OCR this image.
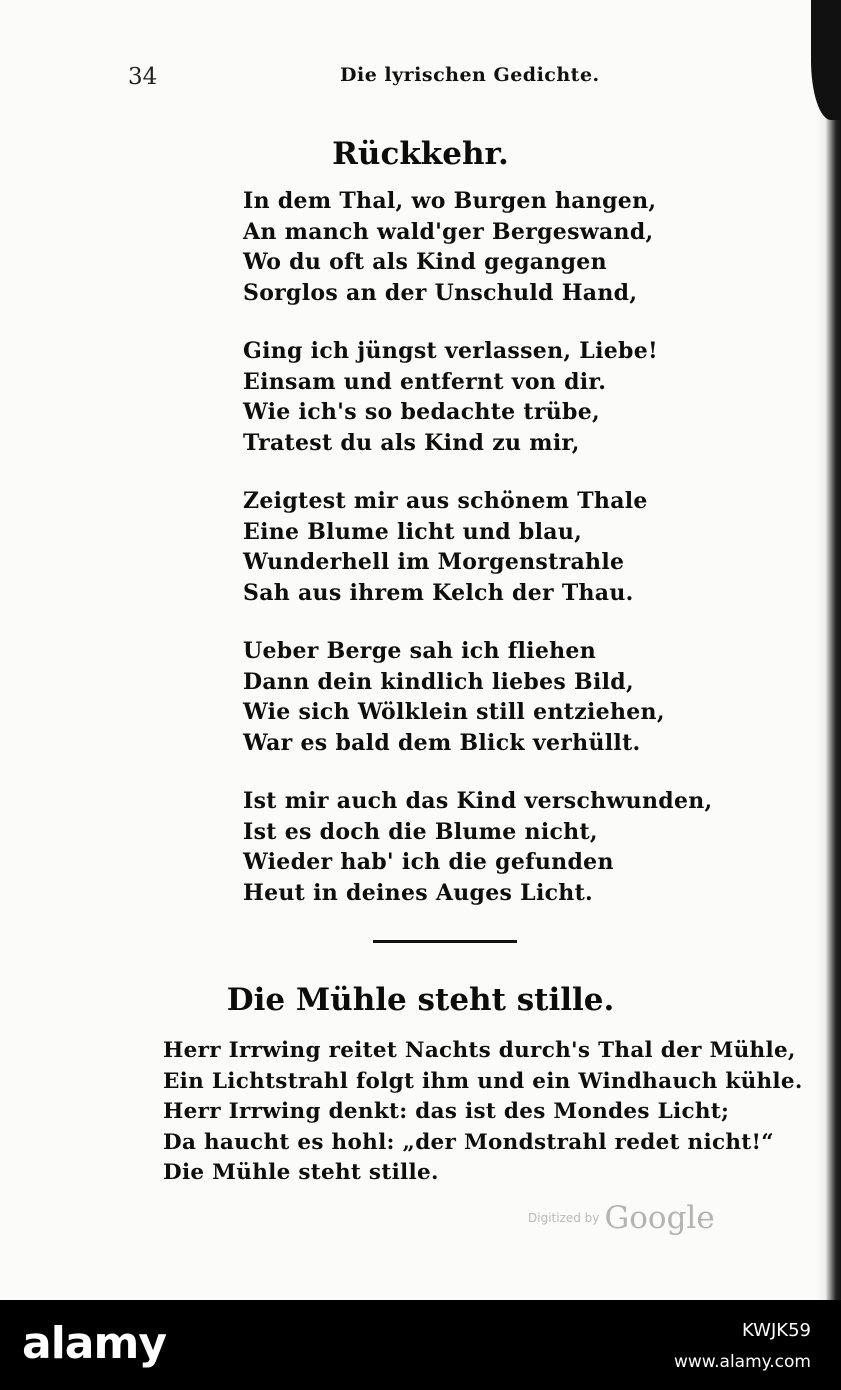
34	Die lyrischen Gedichte.
Rückkehr.
In dem Thal, wo Burgen hangen,
An manch wald'ger Bergeswand,
Wo du oft als Kind gegangen
Sorglos an der Unschuld Hand,
Ging ich jüngst verlassen, Liebe!
Einsam und entfernt von dir.
Wie ich's so bedachte trübe,
Tratest du als Kind zu mir,
Zeigtest mir aus schönem Thale
Eine Blume licht und blau,
Wunderhell im Morgenstrahle
Sah aus ihrem Kelch der Thau.
Ueber Berge sah ich fliehen
Dann dein kindlich liebes Bild,
Wie sich Wölklein still entziehen,
War es bald dem Blick verhüllt.
Ist mir auch das Kind verschwunden,
Ist es doch die Blume nicht,
Wieder hab' ich die gefunden
Heut in deines Auges Licht.
Die Mühle steht stille.
Herr Irrwing reitet Nachts durch's Thal der Mühle,
Ein Lichtstrahl folgt ihm und ein Windhauch kühle.
Herr Irrwing denkt: das ist des Mondes Licht;
Da haucht es hohl: „der Mondstrahl redet nicht!“
Die Mühle steht stille.
Digitized by Google
alamy	KWJK59
www.alamy.com
